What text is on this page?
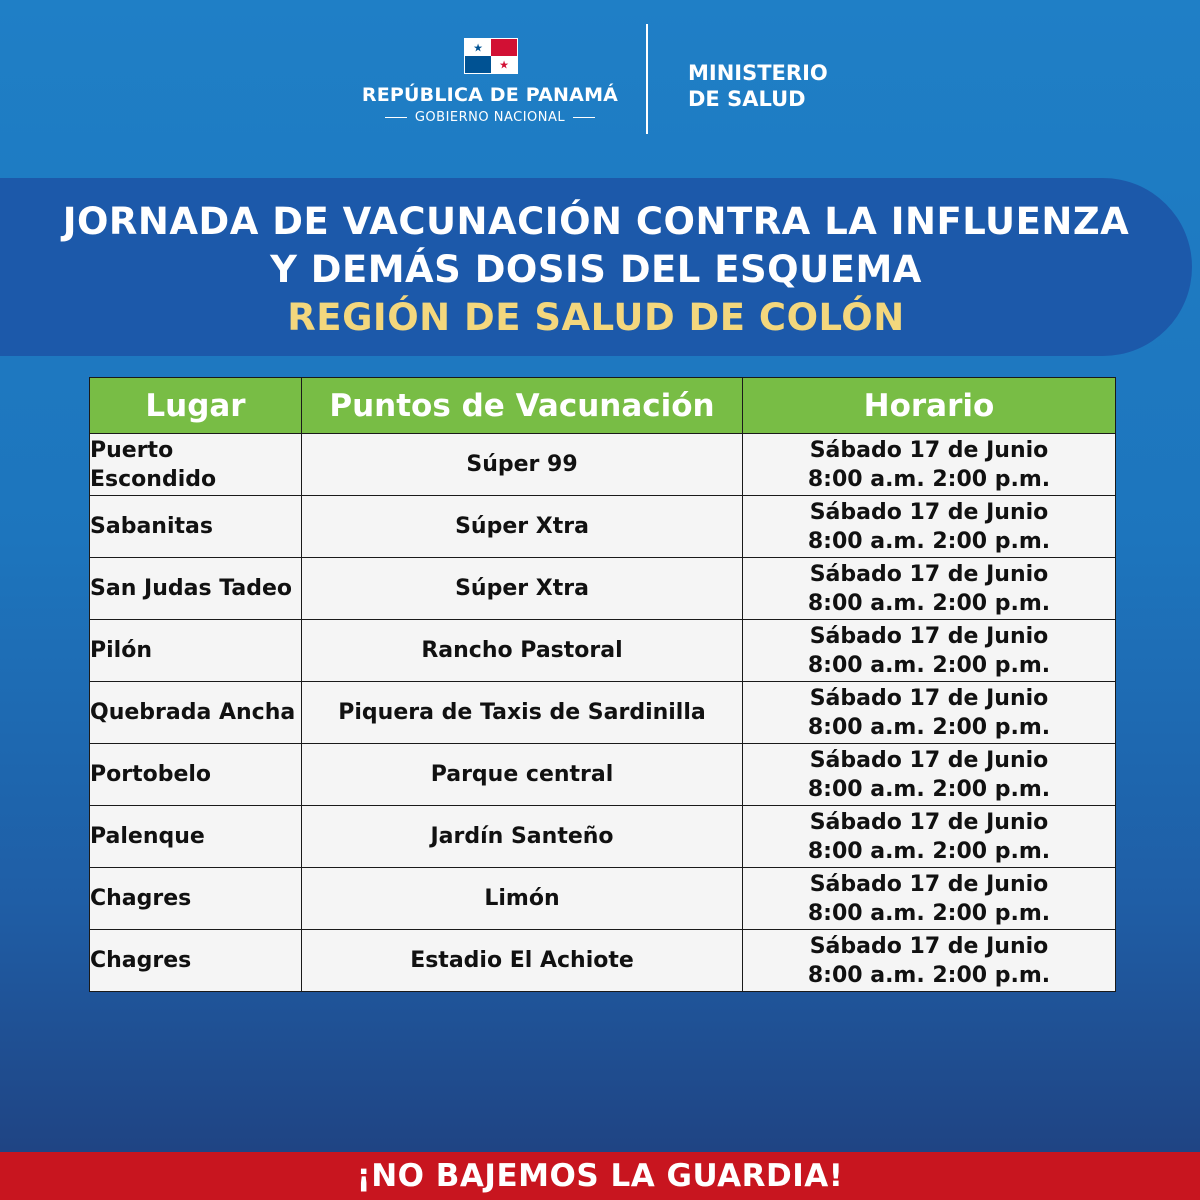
★
★
REPÚBLICA DE PANAMÁ
GOBIERNO NACIONAL
MINISTERIO
DE SALUD
JORNADA DE VACUNACIÓN CONTRA LA INFLUENZA
Y DEMÁS DOSIS DEL ESQUEMA
REGIÓN DE SALUD DE COLÓN
Lugar	Puntos de Vacunación	Horario
Puerto Escondido	Súper 99	Sábado 17 de Junio
8:00 a.m. 2:00 p.m.

Sabanitas	Súper Xtra	Sábado 17 de Junio
8:00 a.m. 2:00 p.m.

San Judas Tadeo	Súper Xtra	Sábado 17 de Junio
8:00 a.m. 2:00 p.m.

Pilón	Rancho Pastoral	Sábado 17 de Junio
8:00 a.m. 2:00 p.m.

Quebrada Ancha	Piquera de Taxis de Sardinilla	Sábado 17 de Junio
8:00 a.m. 2:00 p.m.

Portobelo	Parque central	Sábado 17 de Junio
8:00 a.m. 2:00 p.m.

Palenque	Jardín Santeño	Sábado 17 de Junio
8:00 a.m. 2:00 p.m.

Chagres	Limón	Sábado 17 de Junio
8:00 a.m. 2:00 p.m.

Chagres	Estadio El Achiote	Sábado 17 de Junio
8:00 a.m. 2:00 p.m.
¡NO BAJEMOS LA GUARDIA!
